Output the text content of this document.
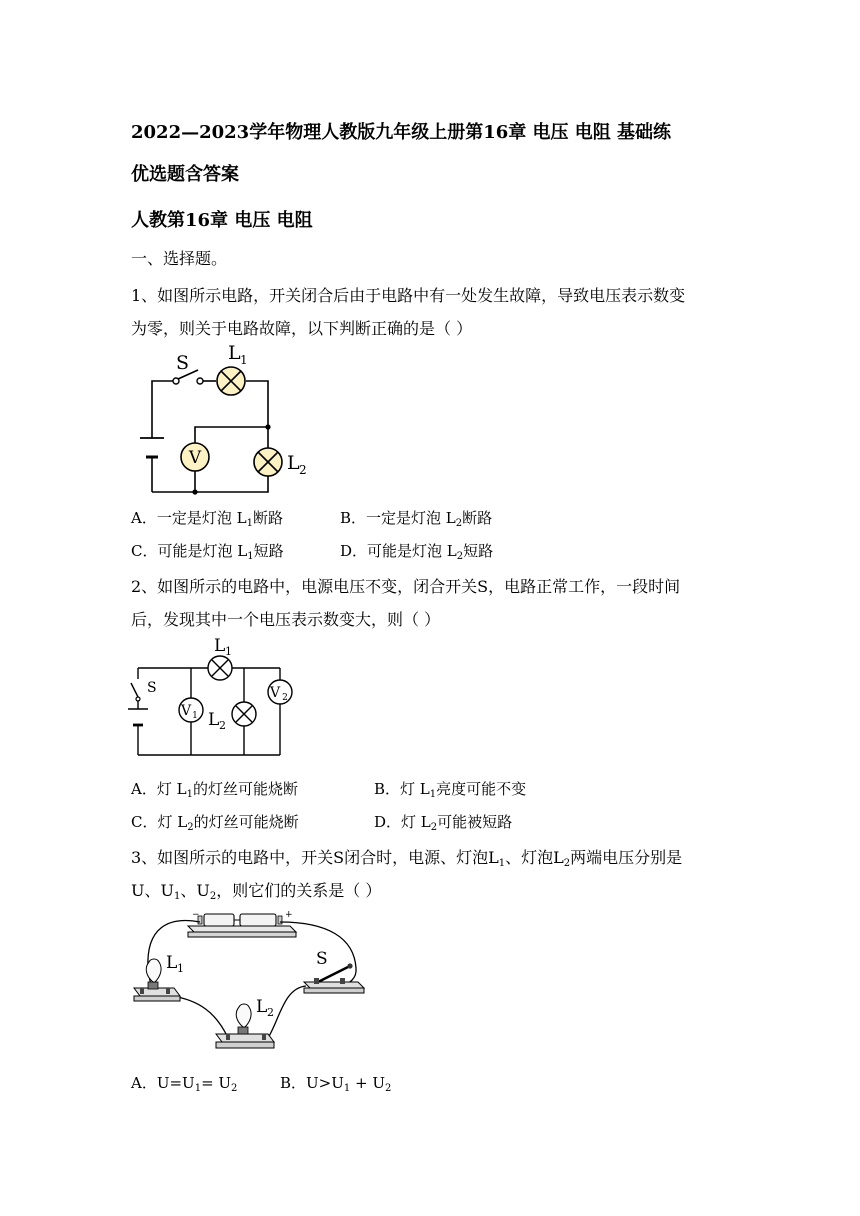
2022—2023学年物理人教版九年级上册第16章 电压 电阻 基础练
优选题含答案
人教第16章 电压 电阻
一、选择题。
1、如图所示电路，开关闭合后由于电路中有一处发生故障，导致电压表示数变
为零，则关于电路故障，以下判断正确的是（ ）
V
S L 1
L 2
A．一定是灯泡 $L_1$断路	B．一定是灯泡 $L_2$断路
C．可能是灯泡 $L_1$短路	D．可能是灯泡 $L_2$短路
2、如图所示的电路中，电源电压不变，闭合开关S，电路正常工作，一段时间
后，发现其中一个电压表示数变大，则（ ）
V 1
V 2
L 1
L 2
S
A．灯 $L_1$的灯丝可能烧断	B．灯 $L_1$亮度可能不变
C．灯 $L_2$的灯丝可能烧断	D．灯 $L_2$可能被短路
3、如图所示的电路中，开关S闭合时，电源、灯泡$L_1$、灯泡$L_2$两端电压分别是
U、$U_1$、$U_2$，则它们的关系是（ ）
−	+
L 1
L 2
S
A．$U=U_1= U_2$	B．$U>U_1 + U_2$
